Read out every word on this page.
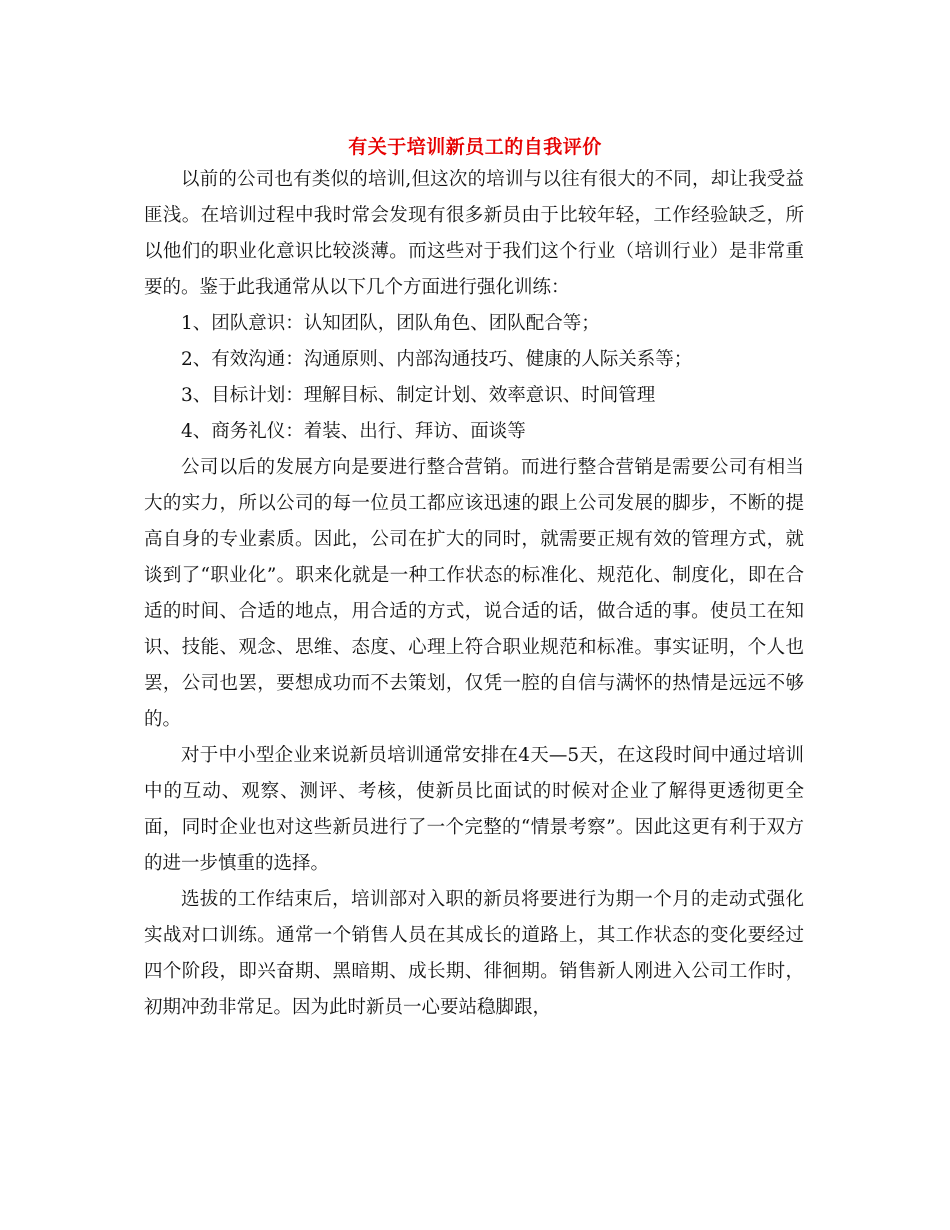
有关于培训新员工的自我评价

以前的公司也有类似的培训,但这次的培训与以往有很大的不同，却让我受益匪浅。在培训过程中我时常会发现有很多新员由于比较年轻，工作经验缺乏，所以他们的职业化意识比较淡薄。而这些对于我们这个行业（培训行业）是非常重要的。鉴于此我通常从以下几个方面进行强化训练：

1、团队意识：认知团队，团队角色、团队配合等；

2、有效沟通：沟通原则、内部沟通技巧、健康的人际关系等；

3、目标计划：理解目标、制定计划、效率意识、时间管理

4、商务礼仪：着装、出行、拜访、面谈等

公司以后的发展方向是要进行整合营销。而进行整合营销是需要公司有相当大的实力，所以公司的每一位员工都应该迅速的跟上公司发展的脚步，不断的提高自身的专业素质。因此，公司在扩大的同时，就需要正规有效的管理方式，就谈到了“职业化”。职来化就是一种工作状态的标准化、规范化、制度化，即在合适的时间、合适的地点，用合适的方式，说合适的话，做合适的事。使员工在知识、技能、观念、思维、态度、心理上符合职业规范和标准。事实证明，个人也罢，公司也罢，要想成功而不去策划，仅凭一腔的自信与满怀的热情是远远不够的。

对于中小型企业来说新员培训通常安排在4天—5天，在这段时间中通过培训中的互动、观察、测评、考核，使新员比面试的时候对企业了解得更透彻更全面，同时企业也对这些新员进行了一个完整的“情景考察”。因此这更有利于双方的进一步慎重的选择。

选拔的工作结束后，培训部对入职的新员将要进行为期一个月的走动式强化实战对口训练。通常一个销售人员在其成长的道路上，其工作状态的变化要经过四个阶段，即兴奋期、黑暗期、成长期、徘徊期。销售新人刚进入公司工作时，初期冲劲非常足。因为此时新员一心要站稳脚跟，
